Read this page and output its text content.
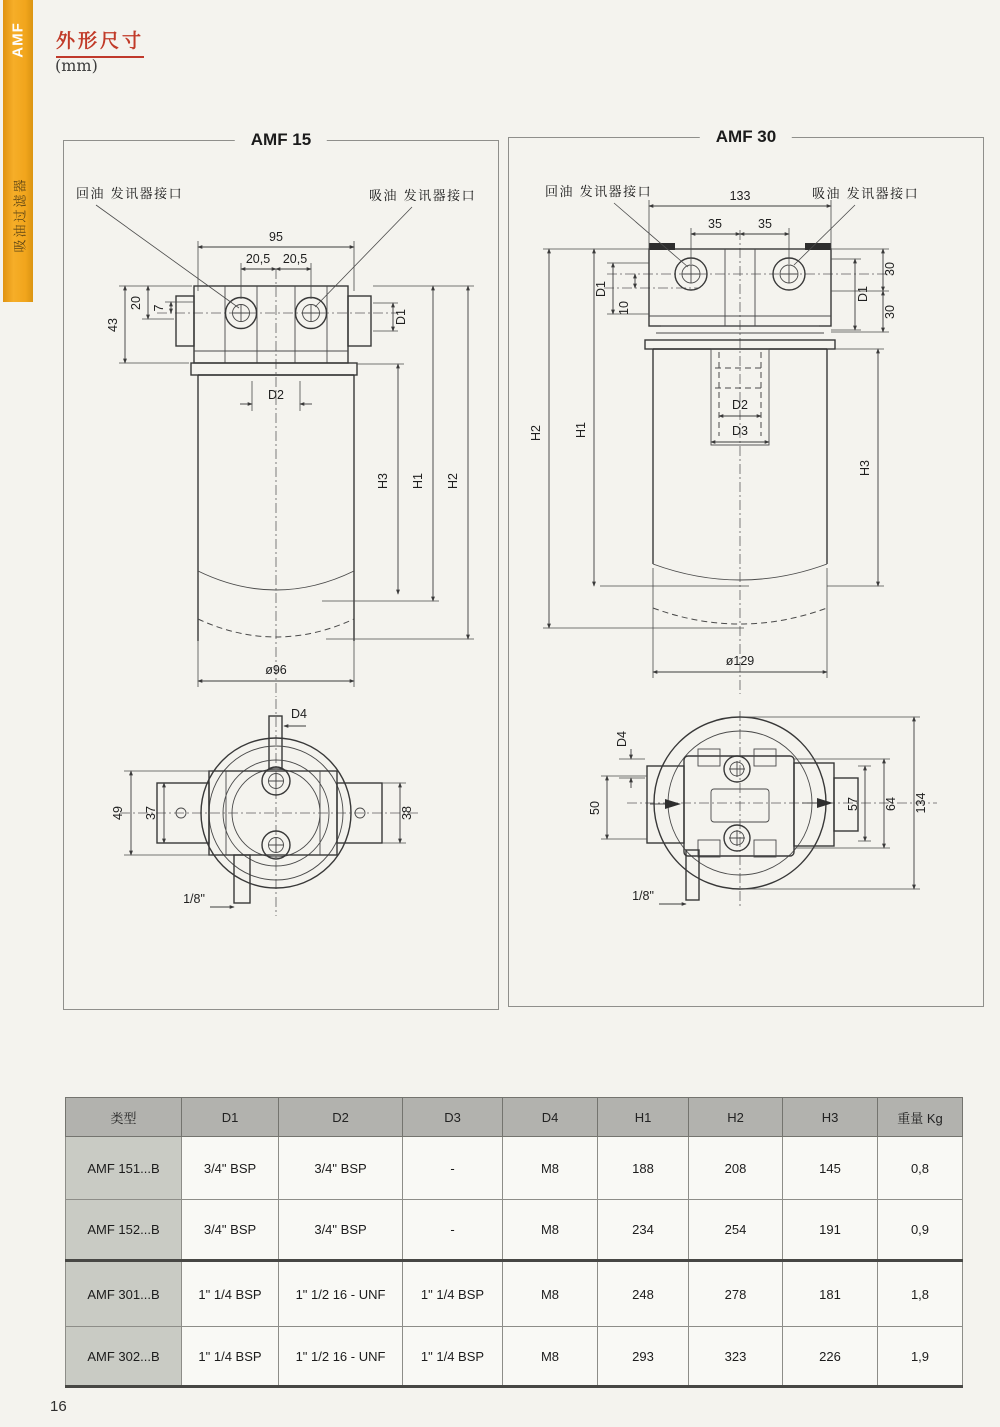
AMF
吸油过滤器
外形尺寸
(mm)
AMF 15
95
20,5 20,5
回油 发讯器接口	吸油 发讯器接口
43
20 7
D1
D2
H3 H1 H2
ø96
D4
49 37	38
1/8"
AMF 30
133
35	35
回油 发讯器接口	吸油 发讯器接口
D1
10
D1
30
30
H2 H1
H3
D2
D3
ø129
D4
50	57 64 134
1/8"
类型	D1	D2	D3	D4	H1	H2	H3	重量 Kg
AMF 151...B	3/4" BSP	3/4" BSP	-	M8	188	208	145	0,8
AMF 152...B	3/4" BSP	3/4" BSP	-	M8	234	254	191	0,9
AMF 301...B	1" 1/4 BSP	1" 1/2 16 - UNF	1" 1/4 BSP	M8	248	278	181	1,8
AMF 302...B	1" 1/4 BSP	1" 1/2 16 - UNF	1" 1/4 BSP	M8	293	323	226	1,9
16
